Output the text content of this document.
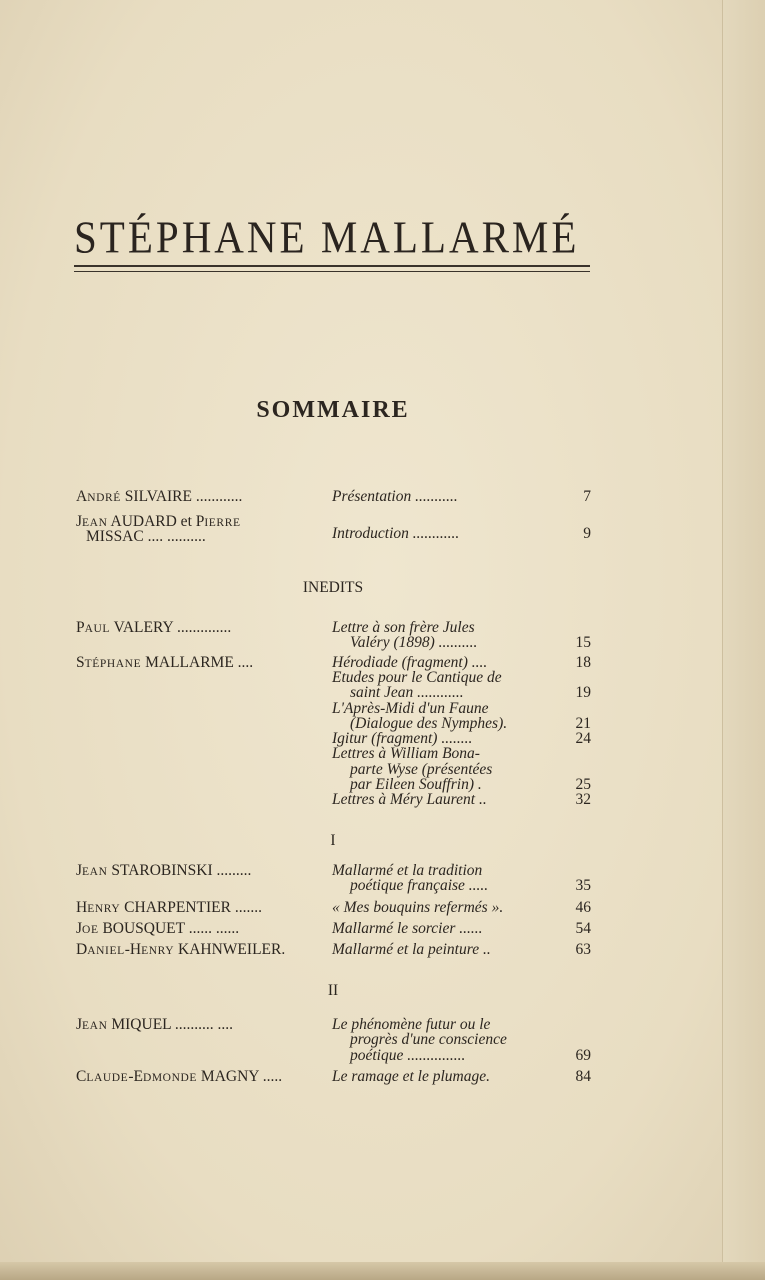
STÉPHANE MALLARMÉ
SOMMAIRE
ANDRÉ SILVAIRE ............	Présentation ...........	7
JEAN AUDARD et PIERRE
MISSAC .... ..........	Introduction ............	9
INEDITS
PAUL VALERY ..............	Lettre à son frère Jules
Valéry (1898) ..........	15
STÉPHANE MALLARME ....	Hérodiade (fragment) ....	18
Etudes pour le Cantique de
saint Jean ............	19
L'Après-Midi d'un Faune
(Dialogue des Nymphes).	21
Igitur (fragment) ........	24
Lettres à William Bona-
parte Wyse (présentées
par Eileen Souffrin) .	25
Lettres à Méry Laurent ..	32
I
JEAN STAROBINSKI .........	Mallarmé et la tradition
poétique française .....	35
HENRY CHARPENTIER .......	« Mes bouquins refermés ».	46
JOE BOUSQUET ...... ......	Mallarmé le sorcier ......	54
DANIEL-HENRY KAHNWEILER.	Mallarmé et la peinture ..	63
II
JEAN MIQUEL .......... ....	Le phénomène futur ou le
progrès d'une conscience
poétique ...............	69
CLAUDE-EDMONDE MAGNY .....	Le ramage et le plumage.	84
